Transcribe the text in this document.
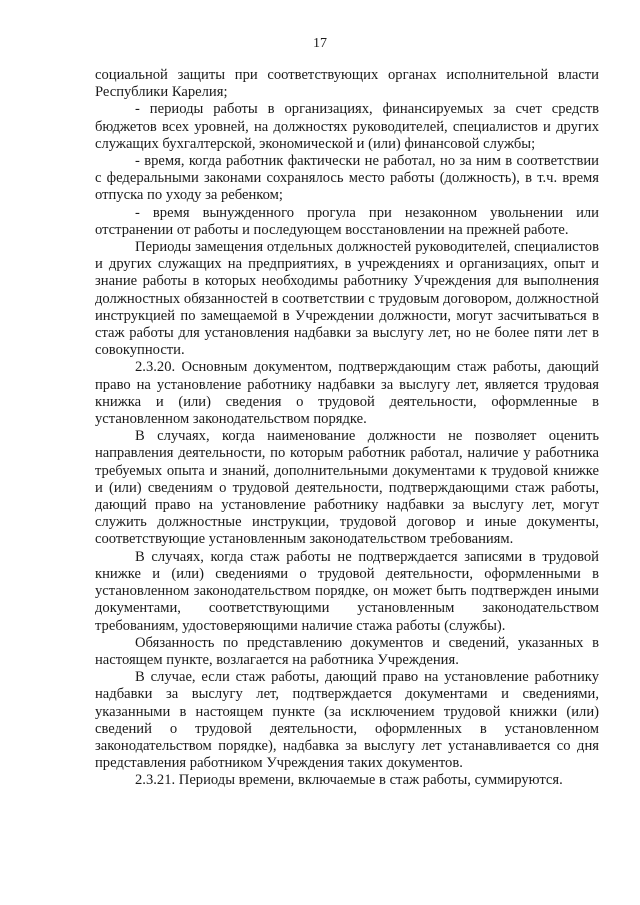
17

социальной защиты при соответствующих органах исполнительной власти Республики Карелия;

- периоды работы в организациях, финансируемых за счет средств бюджетов всех уровней, на должностях руководителей, специалистов и других служащих бухгалтерской, экономической и (или) финансовой службы;

- время, когда работник фактически не работал, но за ним в соответствии с федеральными законами сохранялось место работы (должность), в т.ч. время отпуска по уходу за ребенком;

- время вынужденного прогула при незаконном увольнении или отстранении от работы и последующем восстановлении на прежней работе.

Периоды замещения отдельных должностей руководителей, специалистов и других служащих на предприятиях, в учреждениях и организациях, опыт и знание работы в которых необходимы работнику Учреждения для выполнения должностных обязанностей в соответствии с трудовым договором, должностной инструкцией по замещаемой в Учреждении должности, могут засчитываться в стаж работы для установления надбавки за выслугу лет, но не более пяти лет в совокупности.

2.3.20. Основным документом, подтверждающим стаж работы, дающий право на установление работнику надбавки за выслугу лет, является трудовая книжка и (или) сведения о трудовой деятельности, оформленные в установленном законодательством порядке.

В случаях, когда наименование должности не позволяет оценить направления деятельности, по которым работник работал, наличие у работника требуемых опыта и знаний, дополнительными документами к трудовой книжке и (или) сведениям о трудовой деятельности, подтверждающими стаж работы, дающий право на установление работнику надбавки за выслугу лет, могут служить должностные инструкции, трудовой договор и иные документы, соответствующие установленным законодательством требованиям.

В случаях, когда стаж работы не подтверждается записями в трудовой книжке и (или) сведениями о трудовой деятельности, оформленными в установленном законодательством порядке, он может быть подтвержден иными документами, соответствующими установленным законодательством требованиям, удостоверяющими наличие стажа работы (службы).

Обязанность по представлению документов и сведений, указанных в настоящем пункте, возлагается на работника Учреждения.

В случае, если стаж работы, дающий право на установление работнику надбавки за выслугу лет, подтверждается документами и сведениями, указанными в настоящем пункте (за исключением трудовой книжки (или) сведений о трудовой деятельности, оформленных в установленном законодательством порядке), надбавка за выслугу лет устанавливается со дня представления работником Учреждения таких документов.

2.3.21. Периоды времени, включаемые в стаж работы, суммируются.
